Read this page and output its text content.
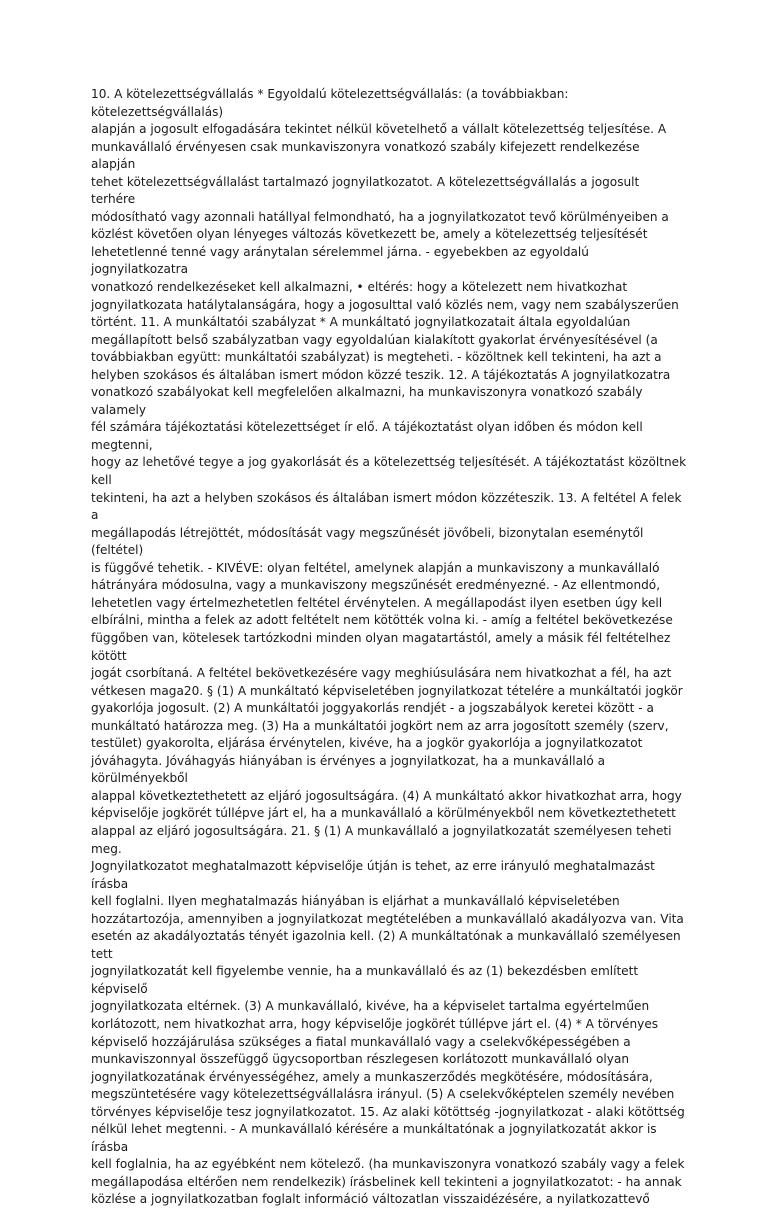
10. A kötelezettségvállalás * Egyoldalú kötelezettségvállalás: (a továbbiakban: kötelezettségvállalás)
alapján a jogosult elfogadására tekintet nélkül követelhető a vállalt kötelezettség teljesítése. A
munkavállaló érvényesen csak munkaviszonyra vonatkozó szabály kifejezett rendelkezése alapján
tehet kötelezettségvállalást tartalmazó jognyilatkozatot. A kötelezettségvállalás a jogosult terhére
módosítható vagy azonnali hatállyal felmondható, ha a jognyilatkozatot tevő körülményeiben a
közlést követően olyan lényeges változás következett be, amely a kötelezettség teljesítését
lehetetlenné tenné vagy aránytalan sérelemmel járna. - egyebekben az egyoldalú jognyilatkozatra
vonatkozó rendelkezéseket kell alkalmazni, • eltérés: hogy a kötelezett nem hivatkozhat
jognyilatkozata hatálytalanságára, hogy a jogosulttal való közlés nem, vagy nem szabályszerűen
történt. 11. A munkáltatói szabályzat * A munkáltató jognyilatkozatait általa egyoldalúan
megállapított belső szabályzatban vagy egyoldalúan kialakított gyakorlat érvényesítésével (a
továbbiakban együtt: munkáltatói szabályzat) is megteheti. - közöltnek kell tekinteni, ha azt a
helyben szokásos és általában ismert módon közzé teszik. 12. A tájékoztatás A jognyilatkozatra
vonatkozó szabályokat kell megfelelően alkalmazni, ha munkaviszonyra vonatkozó szabály valamely
fél számára tájékoztatási kötelezettséget ír elő. A tájékoztatást olyan időben és módon kell megtenni,
hogy az lehetővé tegye a jog gyakorlását és a kötelezettség teljesítését. A tájékoztatást közöltnek kell
tekinteni, ha azt a helyben szokásos és általában ismert módon közzéteszik. 13. A feltétel A felek a
megállapodás létrejöttét, módosítását vagy megszűnését jövőbeli, bizonytalan eseménytől (feltétel)
is függővé tehetik. - KIVÉVE: olyan feltétel, amelynek alapján a munkaviszony a munkavállaló
hátrányára módosulna, vagy a munkaviszony megszűnését eredményezné. - Az ellentmondó,
lehetetlen vagy értelmezhetetlen feltétel érvénytelen. A megállapodást ilyen esetben úgy kell
elbírálni, mintha a felek az adott feltételt nem kötötték volna ki. - amíg a feltétel bekövetkezése
függőben van, kötelesek tartózkodni minden olyan magatartástól, amely a másik fél feltételhez kötött
jogát csorbítaná. A feltétel bekövetkezésére vagy meghiúsulására nem hivatkozhat a fél, ha azt
vétkesen maga20. § (1) A munkáltató képviseletében jognyilatkozat tételére a munkáltatói jogkör
gyakorlója jogosult. (2) A munkáltatói joggyakorlás rendjét - a jogszabályok keretei között - a
munkáltató határozza meg. (3) Ha a munkáltatói jogkört nem az arra jogosított személy (szerv,
testület) gyakorolta, eljárása érvénytelen, kivéve, ha a jogkör gyakorlója a jognyilatkozatot
jóváhagyta. Jóváhagyás hiányában is érvényes a jognyilatkozat, ha a munkavállaló a körülményekből
alappal következtethetett az eljáró jogosultságára. (4) A munkáltató akkor hivatkozhat arra, hogy
képviselője jogkörét túllépve járt el, ha a munkavállaló a körülményekből nem következtethetett
alappal az eljáró jogosultságára. 21. § (1) A munkavállaló a jognyilatkozatát személyesen teheti meg.
Jognyilatkozatot meghatalmazott képviselője útján is tehet, az erre irányuló meghatalmazást írásba
kell foglalni. Ilyen meghatalmazás hiányában is eljárhat a munkavállaló képviseletében
hozzátartozója, amennyiben a jognyilatkozat megtételében a munkavállaló akadályozva van. Vita
esetén az akadályoztatás tényét igazolnia kell. (2) A munkáltatónak a munkavállaló személyesen tett
jognyilatkozatát kell figyelembe vennie, ha a munkavállaló és az (1) bekezdésben említett képviselő
jognyilatkozata eltérnek. (3) A munkavállaló, kivéve, ha a képviselet tartalma egyértelműen
korlátozott, nem hivatkozhat arra, hogy képviselője jogkörét túllépve járt el. (4) * A törvényes
képviselő hozzájárulása szükséges a fiatal munkavállaló vagy a cselekvőképességében a
munkaviszonnyal összefüggő ügycsoportban részlegesen korlátozott munkavállaló olyan
jognyilatkozatának érvényességéhez, amely a munkaszerződés megkötésére, módosítására,
megszüntetésére vagy kötelezettségvállalásra irányul. (5) A cselekvőképtelen személy nevében
törvényes képviselője tesz jognyilatkozatot. 15. Az alaki kötöttség -jognyilatkozat - alaki kötöttség
nélkül lehet megtenni. - A munkavállaló kérésére a munkáltatónak a jognyilatkozatát akkor is írásba
kell foglalnia, ha az egyébként nem kötelező. (ha munkaviszonyra vonatkozó szabály vagy a felek
megállapodása eltérően nem rendelkezik) írásbelinek kell tekinteni a jognyilatkozatot: - ha annak
közlése a jognyilatkozatban foglalt információ változatlan visszaidézésére, a nyilatkozattevő
